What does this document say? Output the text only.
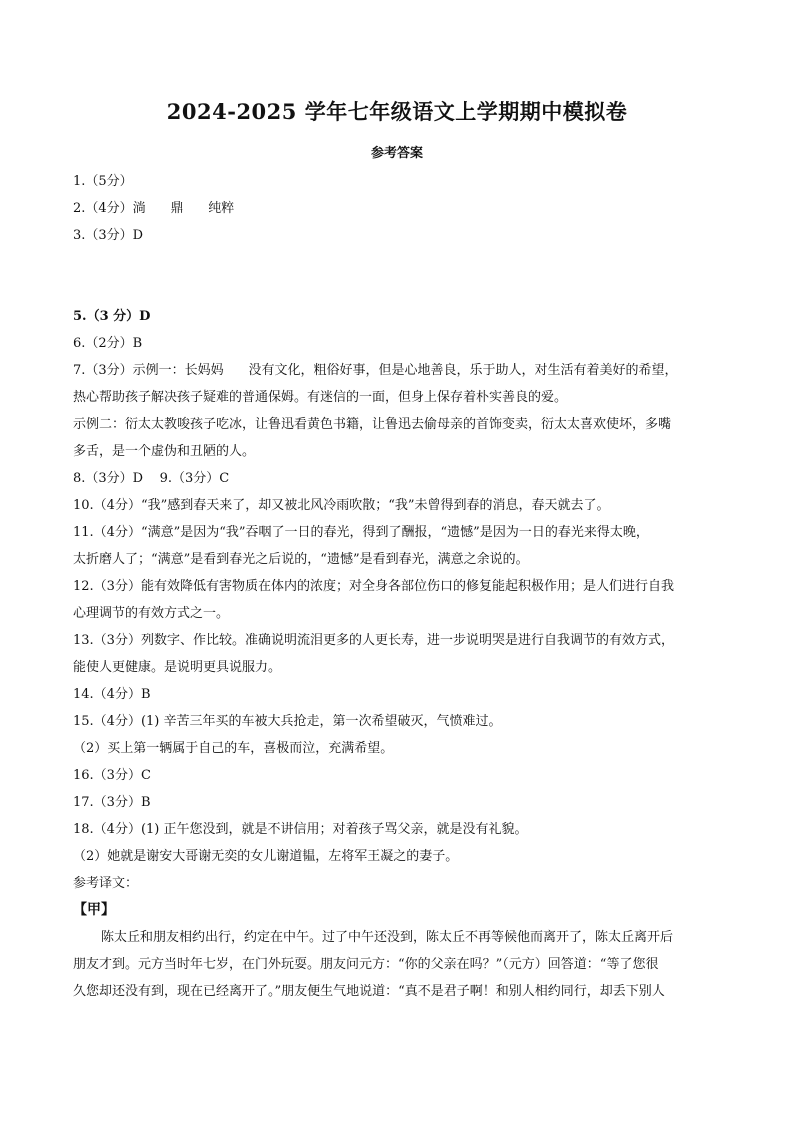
2024-2025 学年七年级语文上学期期中模拟卷
参考答案
1.（5分）
2.（4分）淌      鼎      纯粹
3.（3分）D

5.（3 分）D
6.（2分）B
7.（3分）示例一：长妈妈      没有文化，粗俗好事，但是心地善良，乐于助人，对生活有着美好的希望，
热心帮助孩子解决孩子疑难的普通保姆。有迷信的一面，但身上保存着朴实善良的爱。
示例二：衍太太教唆孩子吃冰，让鲁迅看黄色书籍，让鲁迅去偷母亲的首饰变卖，衍太太喜欢使坏，多嘴
多舌，是一个虚伪和丑陋的人。
8.（3分）D    9.（3分）C
10.（4分）“我”感到春天来了，却又被北风冷雨吹散；“我”未曾得到春的消息，春天就去了。
11.（4分）“满意”是因为“我”吞咽了一日的春光，得到了酬报，“遗憾”是因为一日的春光来得太晚，
太折磨人了；“满意”是看到春光之后说的，“遗憾”是看到春光，满意之余说的。
12.（3分）能有效降低有害物质在体内的浓度；对全身各部位伤口的修复能起积极作用；是人们进行自我
心理调节的有效方式之一。
13.（3分）列数字、作比较。准确说明流泪更多的人更长寿，进一步说明哭是进行自我调节的有效方式，
能使人更健康。是说明更具说服力。
14.（4分）B
15.（4分）(1) 辛苦三年买的车被大兵抢走，第一次希望破灭，气愤难过。
（2）买上第一辆属于自己的车，喜极而泣，充满希望。
16.（3分）C
17.（3分）B
18.（4分）(1) 正午您没到，就是不讲信用；对着孩子骂父亲，就是没有礼貌。
（2）她就是谢安大哥谢无奕的女儿谢道韫，左将军王凝之的妻子。
参考译文：
【甲】
陈太丘和朋友相约出行，约定在中午。过了中午还没到，陈太丘不再等候他而离开了，陈太丘离开后
朋友才到。元方当时年七岁，在门外玩耍。朋友问元方：“你的父亲在吗？”（元方）回答道：“等了您很
久您却还没有到，现在已经离开了。”朋友便生气地说道：“真不是君子啊！和别人相约同行，却丢下别人
